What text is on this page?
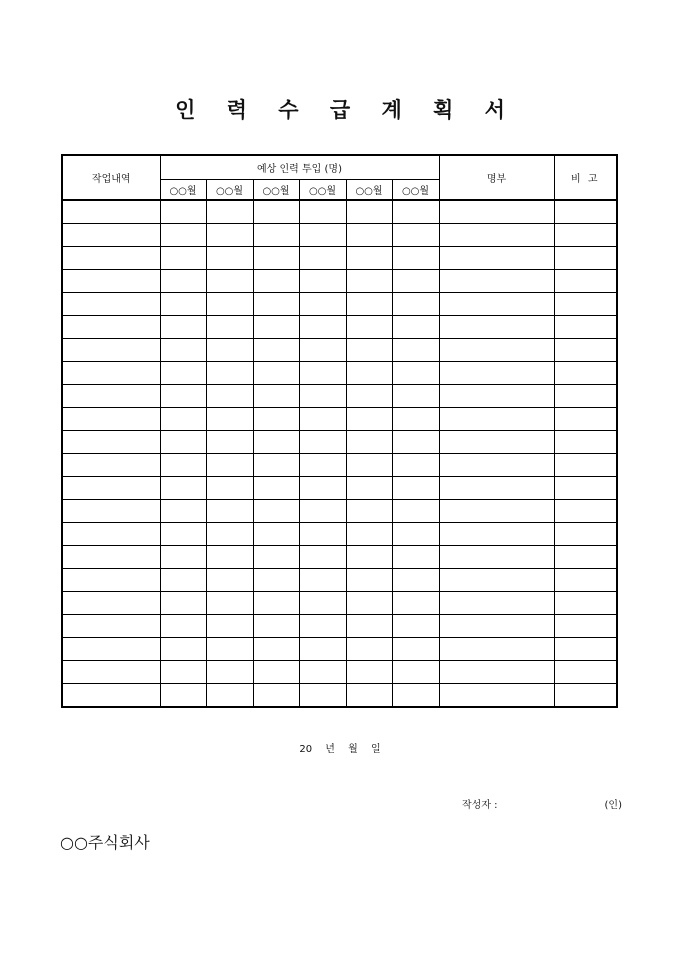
인 력 수 급 계 획 서
작업내역	예상 인력 투입 (명)						명부	비 고
	○○월	○○월	○○월	○○월	○○월	○○월		

20 년 월 일
작성자 :	(인)
○○주식회사
